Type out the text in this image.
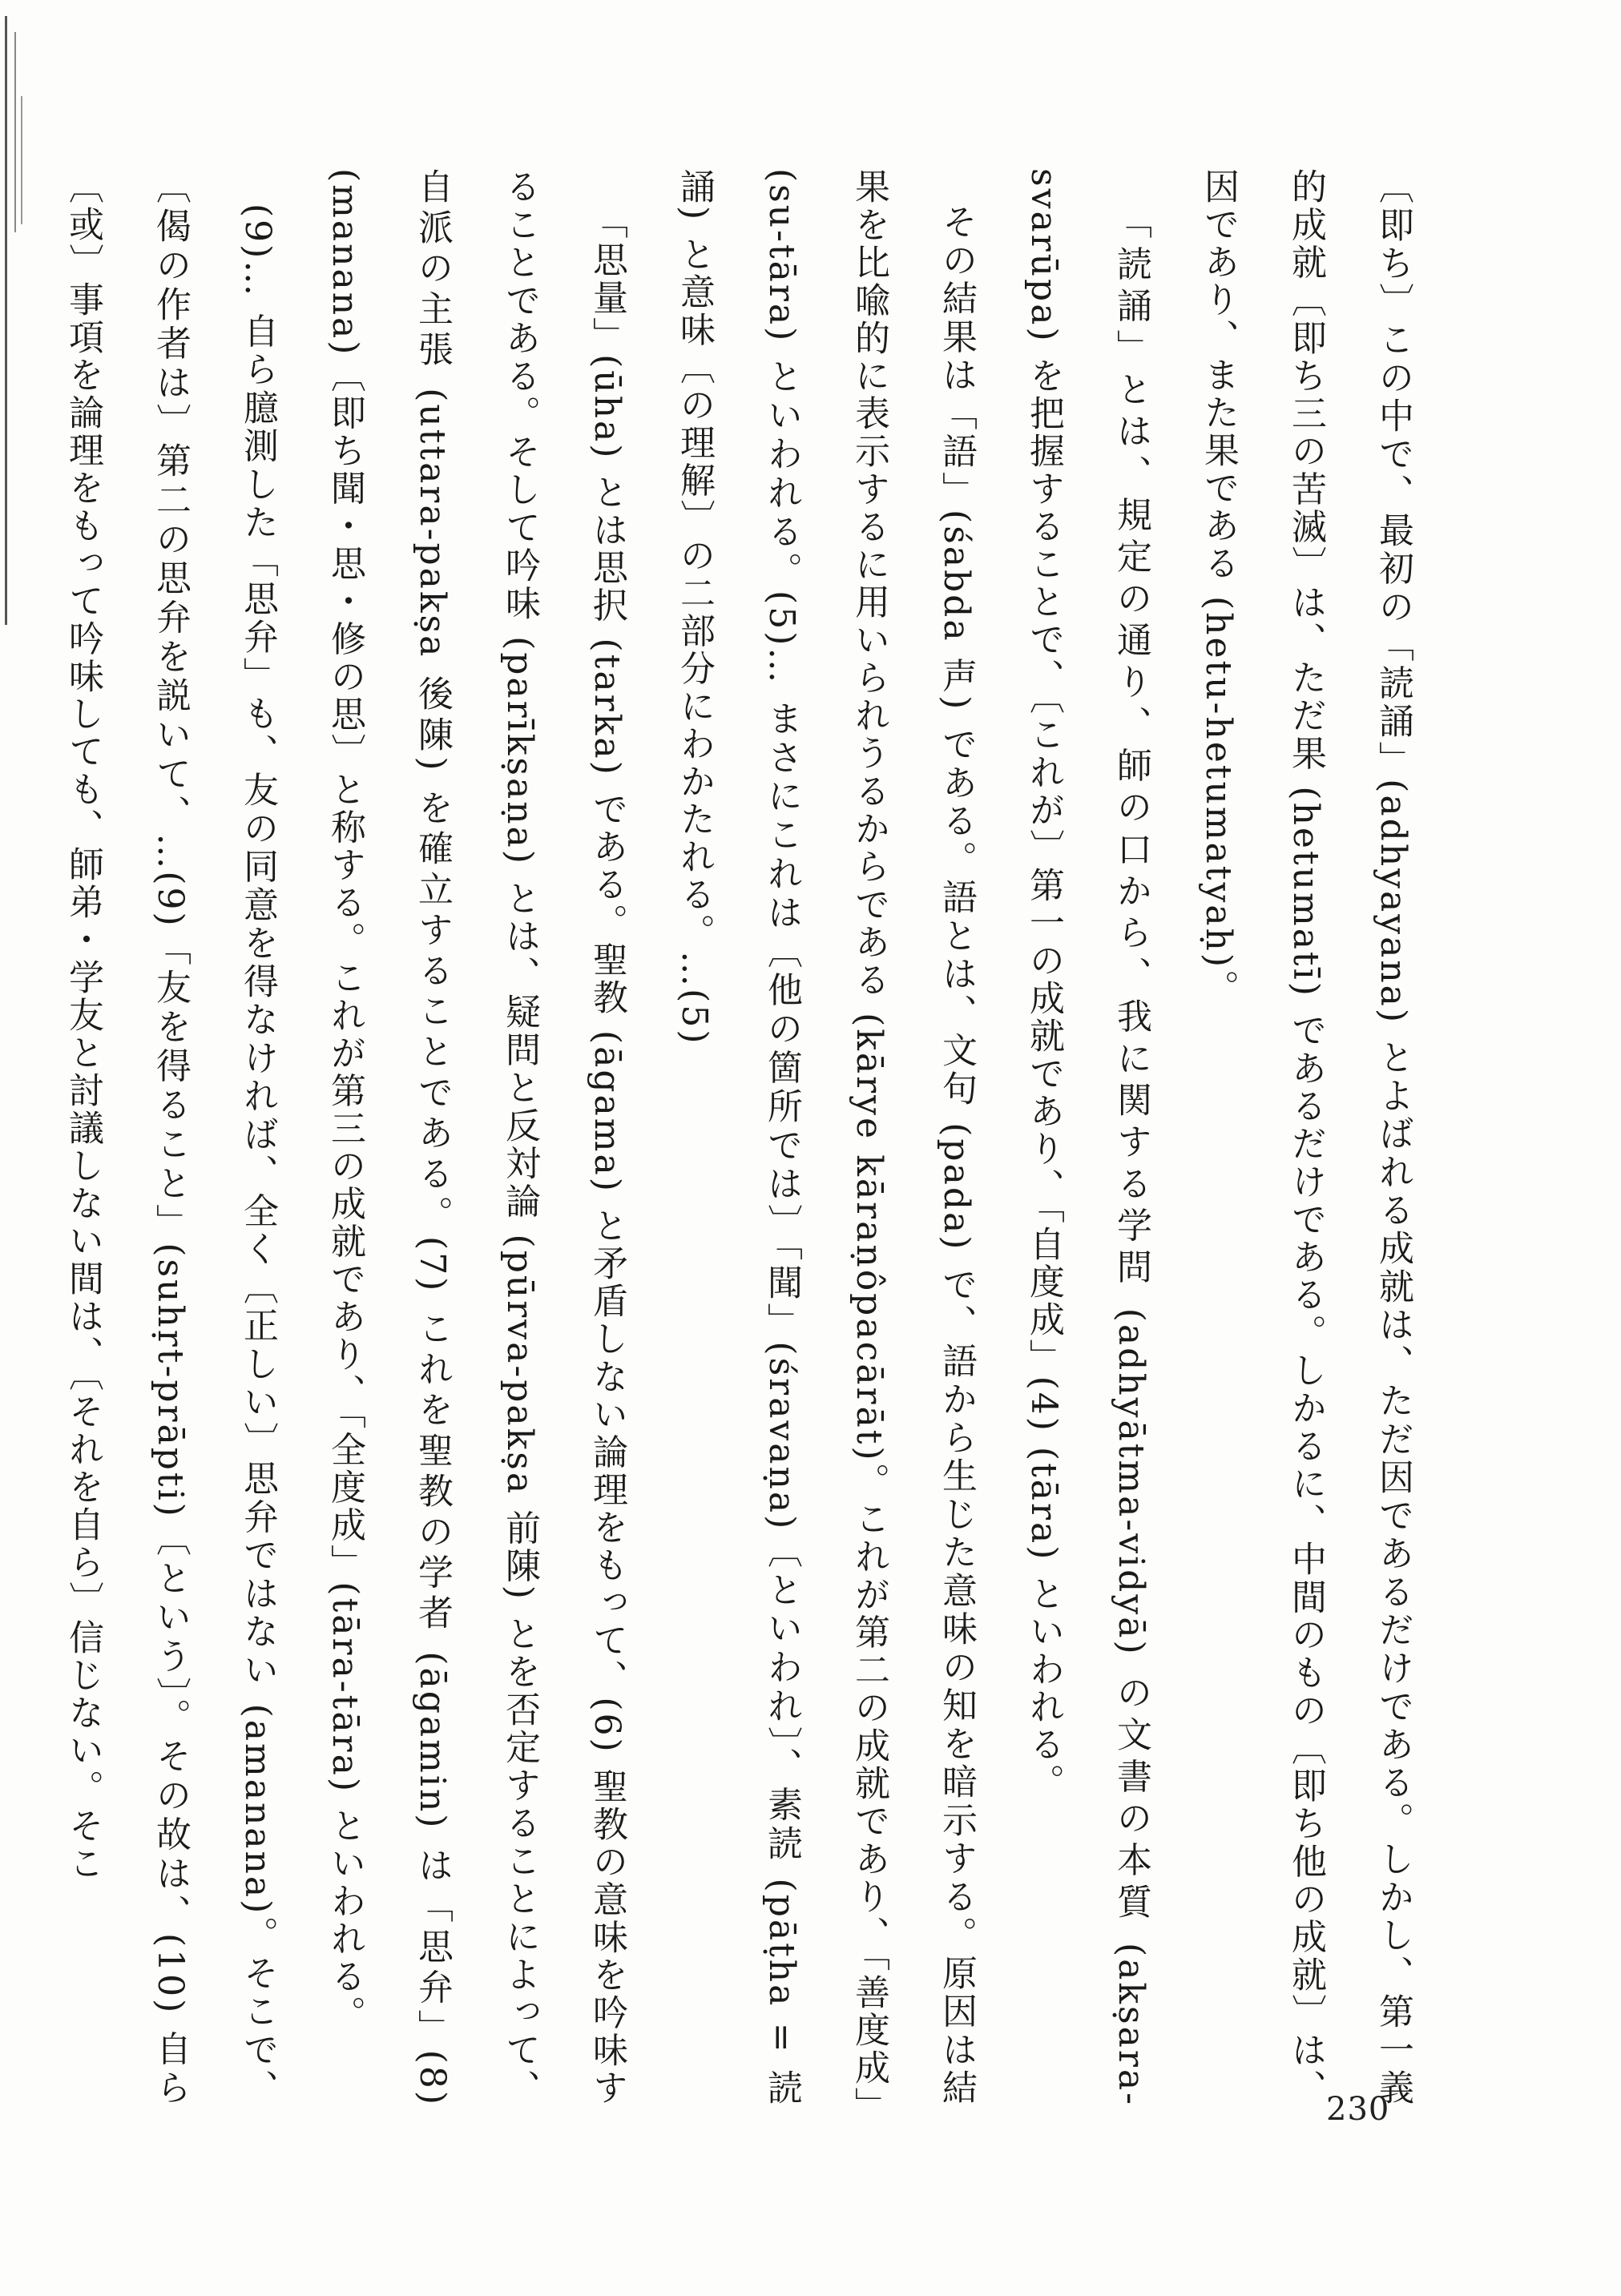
〔即ち〕この中で、最初の「読誦」(adhyayana) とよばれる成就は、ただ因であるだけである。しかし、第一義的成就〔即ち三の苦滅〕は、ただ果 (hetumatī) であるだけである。しかるに、中間のもの〔即ち他の成就〕は、因であり、また果である (hetu-hetumatyaḥ)。

「読誦」とは、規定の通り、師の口から、我に関する学問 (adhyātma-vidyā) の文書の本質 (akṣara-svarūpa) を把握することで、〔これが〕第一の成就であり、「自度成」(4) (tāra) といわれる。

その結果は「語」(śabda 声) である。語とは、文句 (pada) で、語から生じた意味の知を暗示する。原因は結果を比喩的に表示するに用いられうるからである (kārye kāraṇôpacārāt)。これが第二の成就であり、「善度成」(su-tāra) といわれる。(5)… まさにこれは〔他の箇所では〕「聞」(śravaṇa)〔といわれ〕、素読 (pāṭha = 読誦) と意味〔の理解〕の二部分にわかたれる。…(5)

「思量」(ūha) とは思択 (tarka) である。聖教 (āgama) と矛盾しない論理をもって、(6) 聖教の意味を吟味することである。そして吟味 (parīkṣaṇa) とは、疑問と反対論 (pūrva-pakṣa 前陳) とを否定することによって、自派の主張 (uttara-pakṣa 後陳) を確立することである。(7) これを聖教の学者 (āgamin) は「思弁」(8) (manana)〔即ち聞・思・修の思〕と称する。これが第三の成就であり、「全度成」(tāra-tāra) といわれる。

(9)… 自ら臆測した「思弁」も、友の同意を得なければ、全く〔正しい〕思弁ではない (amanana)。そこで、〔偈の作者は〕第二の思弁を説いて、…(9)「友を得ること」(suhṛt-prāpti)〔という〕。その故は、(10) 自ら〔或〕事項を論理をもって吟味しても、師弟・学友と討議しない間は、〔それを自ら〕信じない。そこ

230
